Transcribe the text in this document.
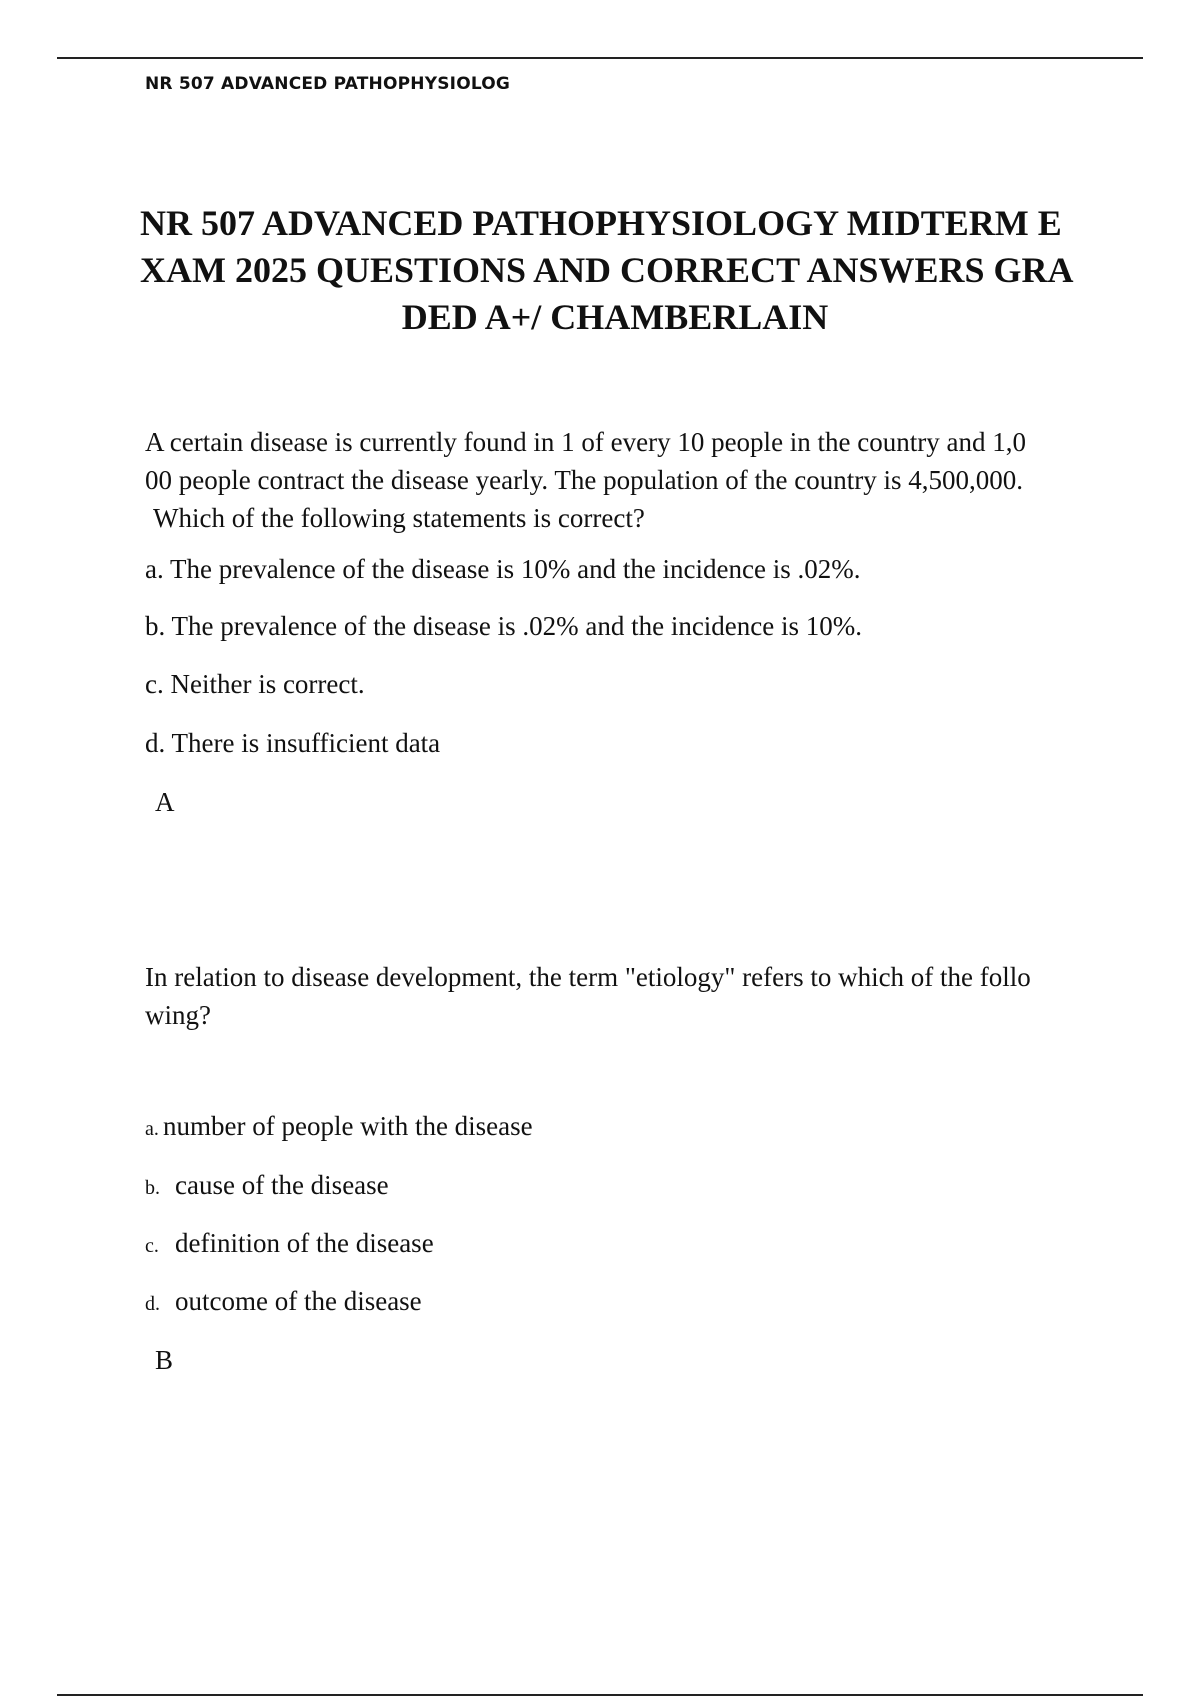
NR 507 ADVANCED PATHOPHYSIOLOG
NR 507 ADVANCED PATHOPHYSIOLOGY MIDTERM E
XAM 2025 QUESTIONS AND CORRECT ANSWERS GRA
DED A+/ CHAMBERLAIN
A certain disease is currently found in 1 of every 10 people in the country and 1,0
00 people contract the disease yearly. The population of the country is 4,500,000.
Which of the following statements is correct?
a. The prevalence of the disease is 10% and the incidence is .02%.
b. The prevalence of the disease is .02% and the incidence is 10%.
c. Neither is correct.
d. There is insufficient data
A
In relation to disease development, the term "etiology" refers to which of the follo
wing?
a. number of people with the disease
b. cause of the disease
c. definition of the disease
d. outcome of the disease
B
